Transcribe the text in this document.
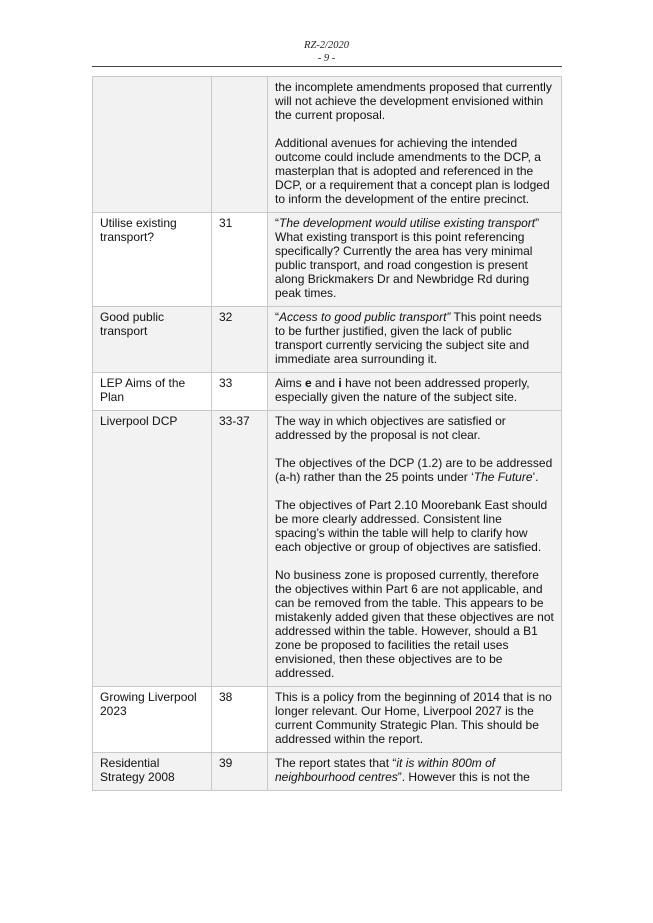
RZ-2/2020
- 9 -

		the incomplete amendments proposed that currently will not achieve the development envisioned within the current proposal.

Additional avenues for achieving the intended outcome could include amendments to the DCP, a masterplan that is adopted and referenced in the DCP, or a requirement that a concept plan is lodged to inform the development of the entire precinct.

Utilise existing transport?	31	“The development would utilise existing transport” What existing transport is this point referencing specifically? Currently the area has very minimal public transport, and road congestion is present along Brickmakers Dr and Newbridge Rd during peak times.

Good public transport	32	“Access to good public transport” This point needs to be further justified, given the lack of public transport currently servicing the subject site and immediate area surrounding it.

LEP Aims of the Plan	33	Aims e and i have not been addressed properly, especially given the nature of the subject site.

Liverpool DCP	33-37	The way in which objectives are satisfied or addressed by the proposal is not clear.

The objectives of the DCP (1.2) are to be addressed (a-h) rather than the 25 points under ‘The Future’.

The objectives of Part 2.10 Moorebank East should be more clearly addressed. Consistent line spacing’s within the table will help to clarify how each objective or group of objectives are satisfied.

No business zone is proposed currently, therefore the objectives within Part 6 are not applicable, and can be removed from the table. This appears to be mistakenly added given that these objectives are not addressed within the table. However, should a B1 zone be proposed to facilities the retail uses envisioned, then these objectives are to be addressed.

Growing Liverpool 2023	38	This is a policy from the beginning of 2014 that is no longer relevant. Our Home, Liverpool 2027 is the current Community Strategic Plan. This should be addressed within the report.

Residential Strategy 2008	39	The report states that “it is within 800m of neighbourhood centres”. However this is not the
